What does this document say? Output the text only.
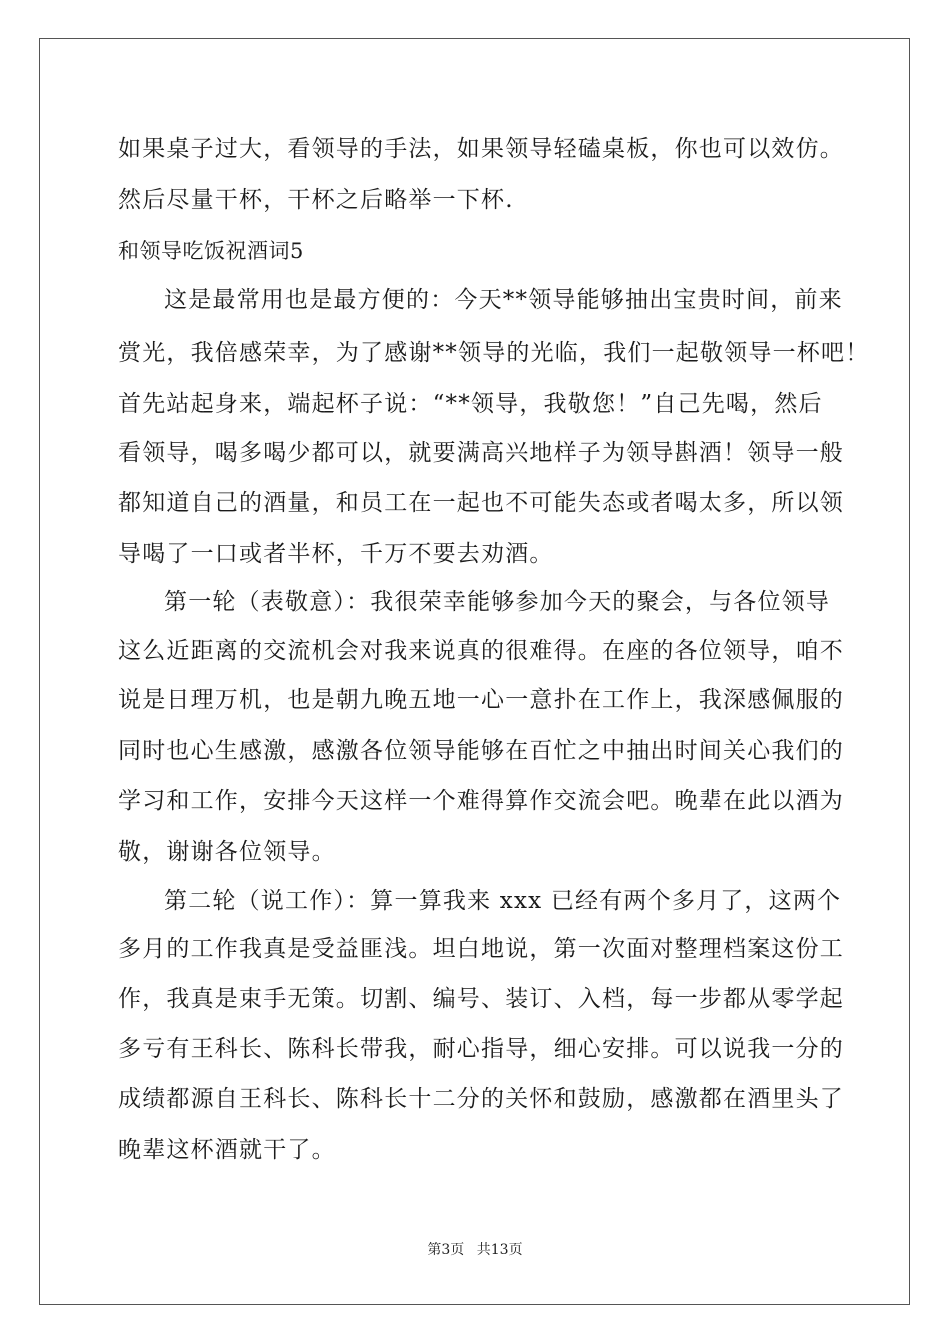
如果桌子过大，看领导的手法，如果领导轻磕桌板，你也可以效仿。
然后尽量干杯，干杯之后略举一下杯.
和领导吃饭祝酒词5
这是最常用也是最方便的：今天**领导能够抽出宝贵时间，前来
赏光，我倍感荣幸，为了感谢**领导的光临，我们一起敬领导一杯吧！
首先站起身来，端起杯子说：“**领导，我敬您！”自己先喝，然后
看领导，喝多喝少都可以，就要满高兴地样子为领导斟酒！领导一般
都知道自己的酒量，和员工在一起也不可能失态或者喝太多，所以领
导喝了一口或者半杯，千万不要去劝酒。
第一轮（表敬意）：我很荣幸能够参加今天的聚会，与各位领导
这么近距离的交流机会对我来说真的很难得。在座的各位领导，咱不
说是日理万机，也是朝九晚五地一心一意扑在工作上，我深感佩服的
同时也心生感激，感激各位领导能够在百忙之中抽出时间关心我们的
学习和工作，安排今天这样一个难得算作交流会吧。晚辈在此以酒为
敬，谢谢各位领导。
第二轮（说工作）：算一算我来 xxx 已经有两个多月了，这两个
多月的工作我真是受益匪浅。坦白地说，第一次面对整理档案这份工
作，我真是束手无策。切割、编号、装订、入档，每一步都从零学起
多亏有王科长、陈科长带我，耐心指导，细心安排。可以说我一分的
成绩都源自王科长、陈科长十二分的关怀和鼓励，感激都在酒里头了
晚辈这杯酒就干了。
第3页 共13页
